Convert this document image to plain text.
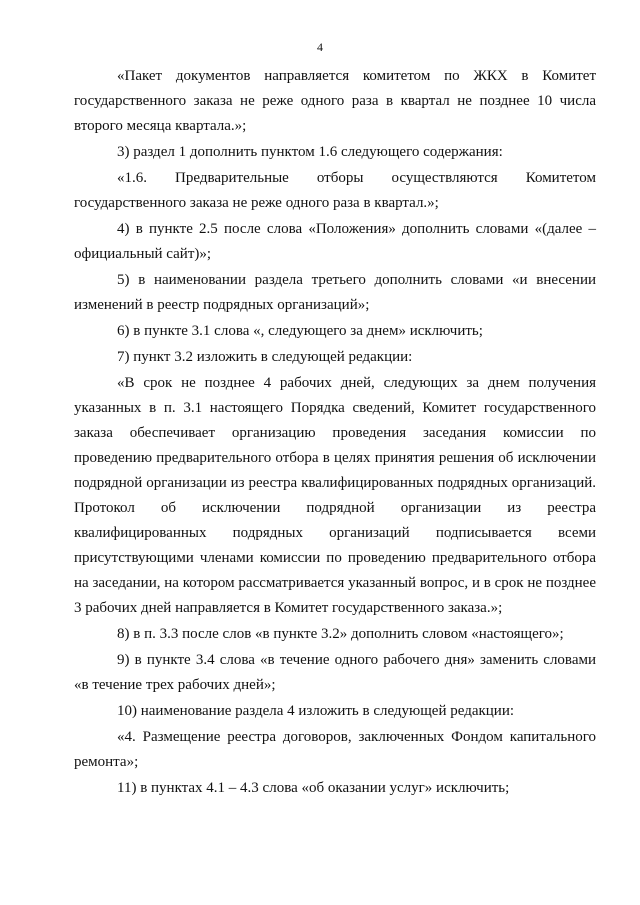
4

«Пакет документов направляется комитетом по ЖКХ в Комитет государственного заказа не реже одного раза в квартал не позднее 10 числа второго месяца квартала.»;

3) раздел 1 дополнить пунктом 1.6 следующего содержания:

«1.6. Предварительные отборы осуществляются Комитетом государственного заказа не реже одного раза в квартал.»;

4) в пункте 2.5 после слова «Положения» дополнить словами «(далее – официальный сайт)»;

5) в наименовании раздела третьего дополнить словами «и внесении изменений в реестр подрядных организаций»;

6) в пункте 3.1 слова «, следующего за днем» исключить;

7) пункт 3.2 изложить в следующей редакции:

«В срок не позднее 4 рабочих дней, следующих за днем получения указанных в п. 3.1 настоящего Порядка сведений, Комитет государственного заказа обеспечивает организацию проведения заседания комиссии по проведению предварительного отбора в целях принятия решения об исключении подрядной организации из реестра квалифицированных подрядных организаций. Протокол об исключении подрядной организации из реестра квалифицированных подрядных организаций подписывается всеми присутствующими членами комиссии по проведению предварительного отбора на заседании, на котором рассматривается указанный вопрос, и в срок не позднее 3 рабочих дней направляется в Комитет государственного заказа.»;

8) в п. 3.3 после слов «в пункте 3.2» дополнить словом «настоящего»;

9) в пункте 3.4 слова «в течение одного рабочего дня» заменить словами «в течение трех рабочих дней»;

10) наименование раздела 4 изложить в следующей редакции:

«4. Размещение реестра договоров, заключенных Фондом капитального ремонта»;

11) в пунктах 4.1 – 4.3 слова «об оказании услуг» исключить;
